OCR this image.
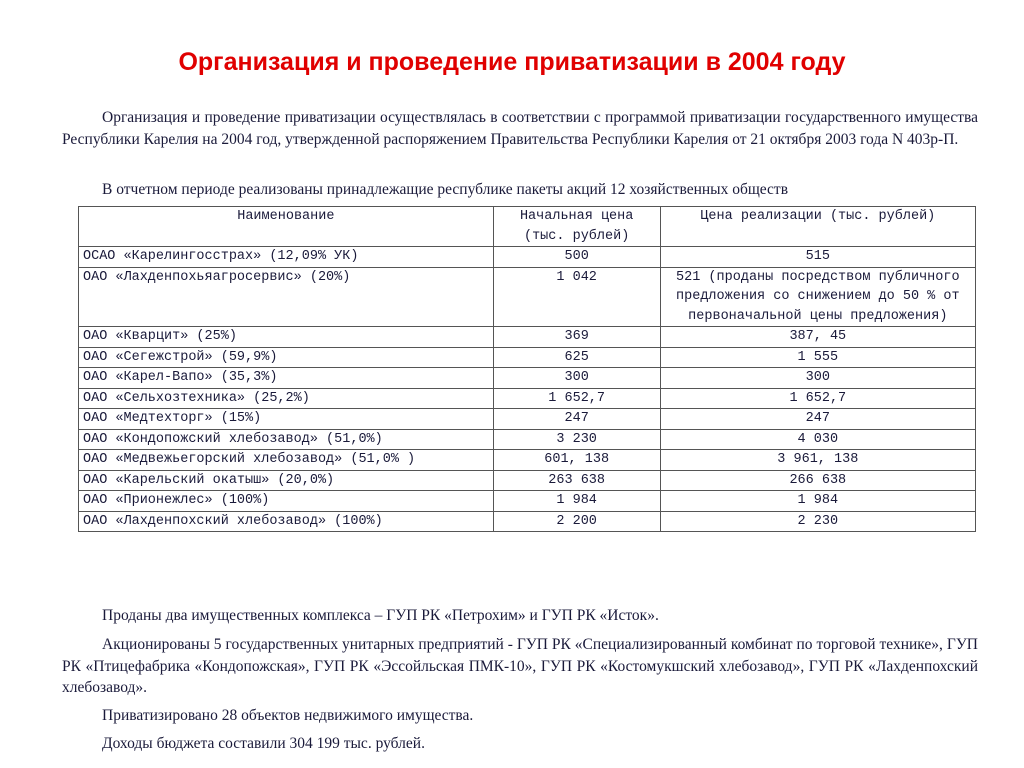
Организация и проведение приватизации в 2004 году

Организация и проведение приватизации осуществлялась в соответствии с программой приватизации государственного имущества Республики Карелия на 2004 год, утвержденной распоряжением Правительства Республики Карелия от 21 октября 2003 года N 403р-П.

В отчетном периоде реализованы принадлежащие республике пакеты акций 12 хозяйственных обществ

Наименование	Начальная цена (тыс. рублей)	Цена реализации (тыс. рублей)
ОСАО «Карелингосстрах» (12,09% УК)	500	515
ОАО «Лахденпохьяагросервис» (20%)	1 042	521 (проданы посредством публичного предложения со снижением до 50 % от первоначальной цены предложения)
ОАО «Кварцит» (25%)	369	387, 45
ОАО «Сегежстрой» (59,9%)	625	1 555
ОАО «Карел-Вапо» (35,3%)	300	300
ОАО «Сельхозтехника» (25,2%)	1 652,7	1 652,7
ОАО «Медтехторг» (15%)	247	247
ОАО «Кондопожский хлебозавод» (51,0%)	3 230	4 030
ОАО «Медвежьегорский хлебозавод» (51,0% )	601, 138	3 961, 138
ОАО «Карельский окатыш» (20,0%)	263 638	266 638
ОАО «Прионежлес» (100%)	1 984	1 984
ОАО «Лахденпохский хлебозавод» (100%)	2 200	2 230

Проданы два имущественных комплекса – ГУП РК «Петрохим» и ГУП РК «Исток».

Акционированы 5 государственных унитарных предприятий - ГУП РК «Специализированный комбинат по торговой технике», ГУП РК «Птицефабрика «Кондопожская», ГУП РК «Эссойльская ПМК-10», ГУП РК «Костомукшский хлебозавод», ГУП РК «Лахденпохский хлебозавод».

Приватизировано 28 объектов недвижимого имущества.

Доходы бюджета составили 304 199 тыс. рублей.
